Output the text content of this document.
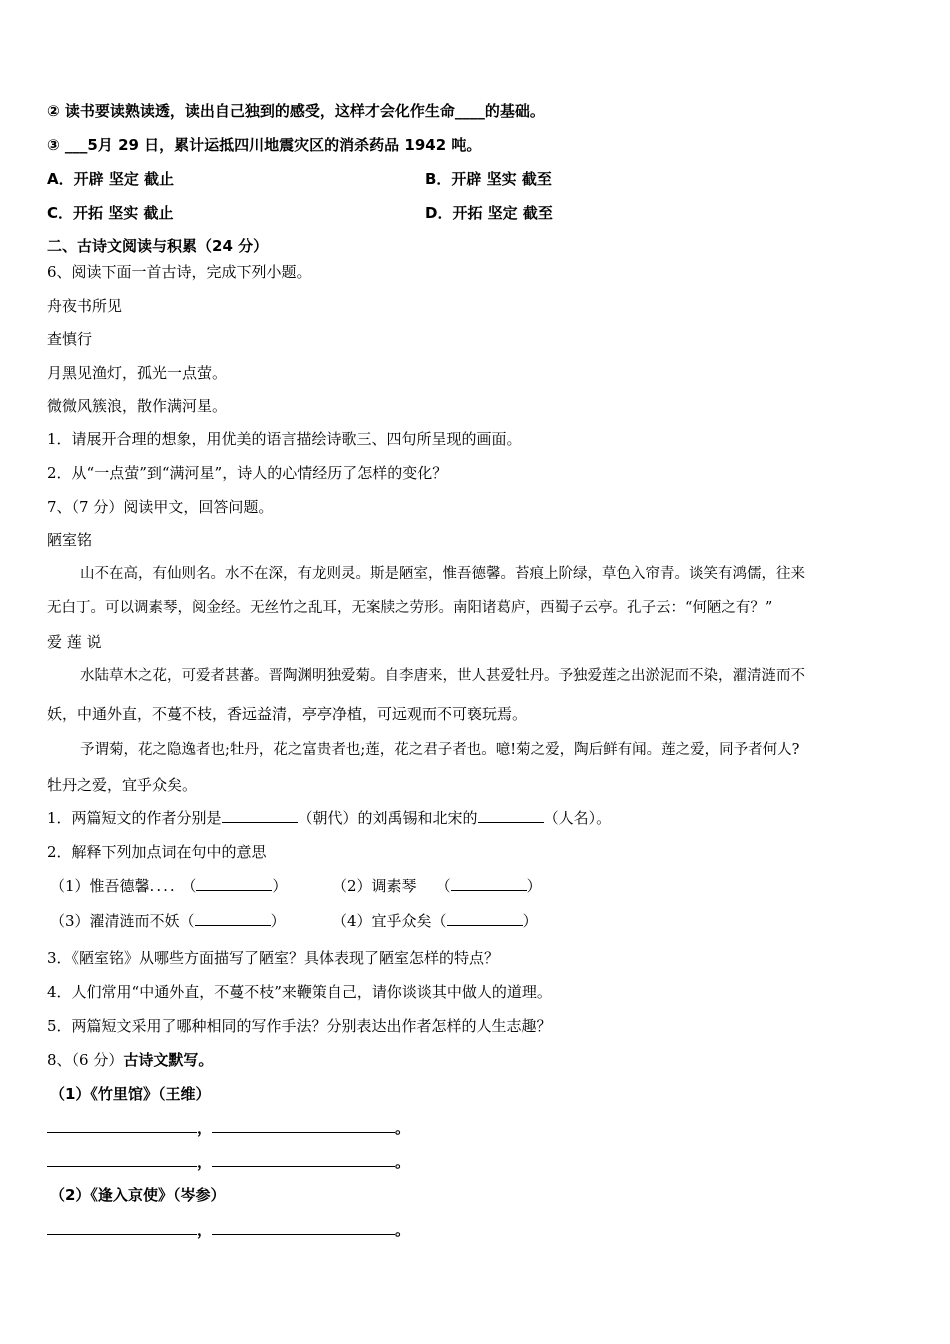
② 读书要读熟读透，读出自己独到的感受，这样才会化作生命____的基础。
③ ___5月 29 日，累计运抵四川地震灾区的消杀药品 1942 吨。
A．开辟 坚定 截止	B．开辟 坚实 截至
C．开拓 坚实 截止	D．开拓 坚定 截至
二、古诗文阅读与积累（24 分）
6、阅读下面一首古诗，完成下列小题。
舟夜书所见
查慎行
月黑见渔灯，孤光一点萤。
微微风簇浪，散作满河星。
1．请展开合理的想象，用优美的语言描绘诗歌三、四句所呈现的画面。
2．从“一点萤”到“满河星”，诗人的心情经历了怎样的变化？
7、（7 分）阅读甲文，回答问题。
陋室铭
山不在高，有仙则名。水不在深，有龙则灵。斯是陋室，惟吾德馨。苔痕上阶绿，草色入帘青。谈笑有鸿儒，往来
无白丁。可以调素琴，阅金经。无丝竹之乱耳，无案牍之劳形。南阳诸葛庐，西蜀子云亭。孔子云：“何陋之有？”
爱 莲 说
水陆草木之花，可爱者甚蕃。晋陶渊明独爱菊。自李唐来，世人甚爱牡丹。予独爱莲之出淤泥而不染，濯清涟而不
妖，中通外直，不蔓不枝，香远益清，亭亭净植，可远观而不可亵玩焉。
予谓菊，花之隐逸者也;牡丹，花之富贵者也;莲，花之君子者也。噫!菊之爱，陶后鲜有闻。莲之爱，同予者何人?
牡丹之爱，宜乎众矣。
1．两篇短文的作者分别是	（朝代）的刘禹锡和北宋的	（人名）。
2．解释下列加点词在句中的意思
（1）惟吾德馨.... （	）	（2）调素琴 （	）
（3）濯清涟而不妖（	）	（4）宜乎众矣（	）
3．《陋室铭》从哪些方面描写了陋室？具体表现了陋室怎样的特点？
4．人们常用“中通外直，不蔓不枝”来鞭策自己，请你谈谈其中做人的道理。
5．两篇短文采用了哪种相同的写作手法？分别表达出作者怎样的人生志趣？
8、（6 分）古诗文默写。
（1）《竹里馆》（王维）
，	。
，	。
（2）《逢入京使》（岑参）
，	。
